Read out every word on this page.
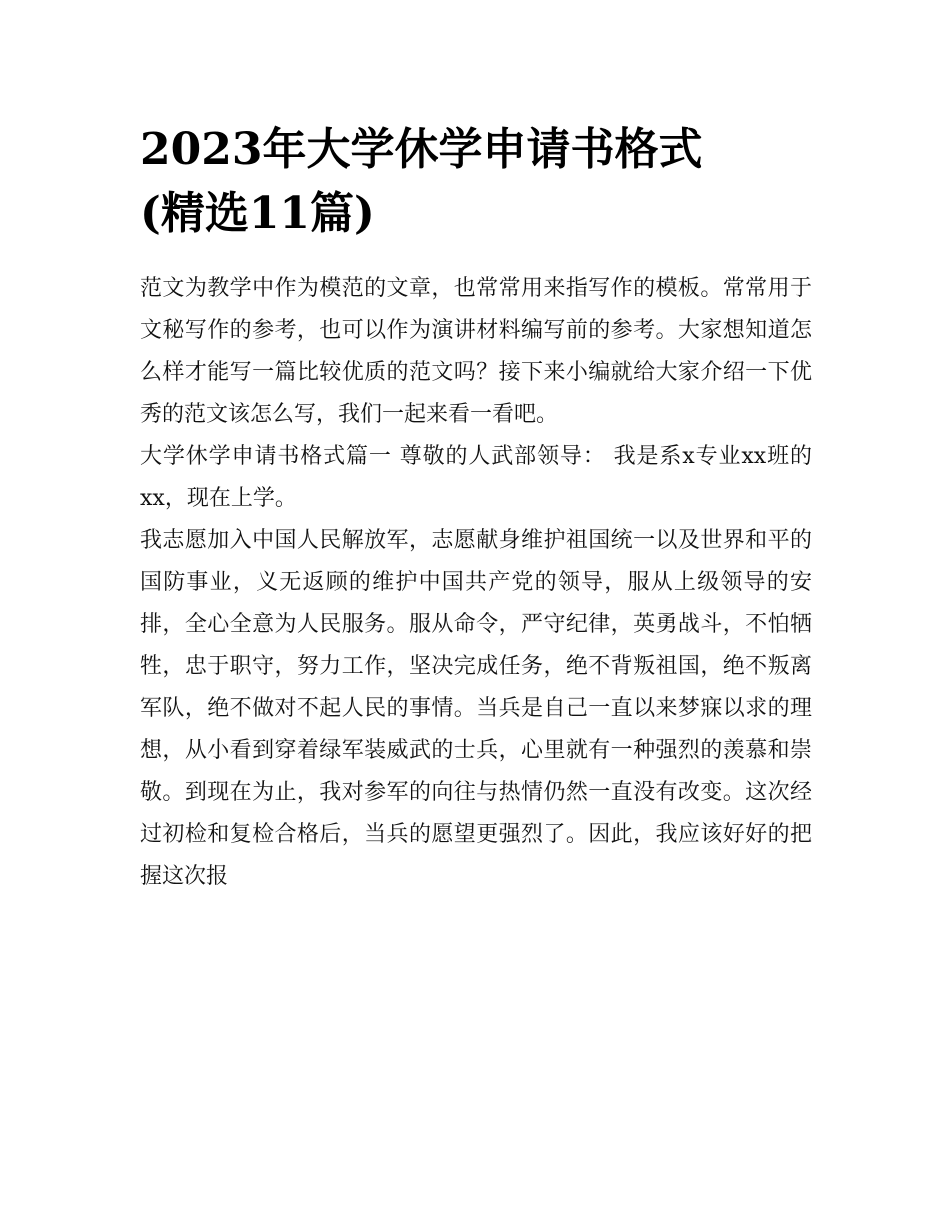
2023年大学休学申请书格式
(精选11篇)

范文为教学中作为模范的文章，也常常用来指写作的模板。常常用于文秘写作的参考，也可以作为演讲材料编写前的参考。大家想知道怎么样才能写一篇比较优质的范文吗？接下来小编就给大家介绍一下优秀的范文该怎么写，我们一起来看一看吧。

大学休学申请书格式篇一 尊敬的人武部领导： 我是系x专业xx班的xx，现在上学。

我志愿加入中国人民解放军，志愿献身维护祖国统一以及世界和平的国防事业，义无返顾的维护中国共产党的领导，服从上级领导的安排，全心全意为人民服务。服从命令，严守纪律，英勇战斗，不怕牺牲，忠于职守，努力工作，坚决完成任务，绝不背叛祖国，绝不叛离军队，绝不做对不起人民的事情。当兵是自己一直以来梦寐以求的理想，从小看到穿着绿军装威武的士兵，心里就有一种强烈的羡慕和崇敬。到现在为止，我对参军的向往与热情仍然一直没有改变。这次经过初检和复检合格后，当兵的愿望更强烈了。因此，我应该好好的把握这次报
